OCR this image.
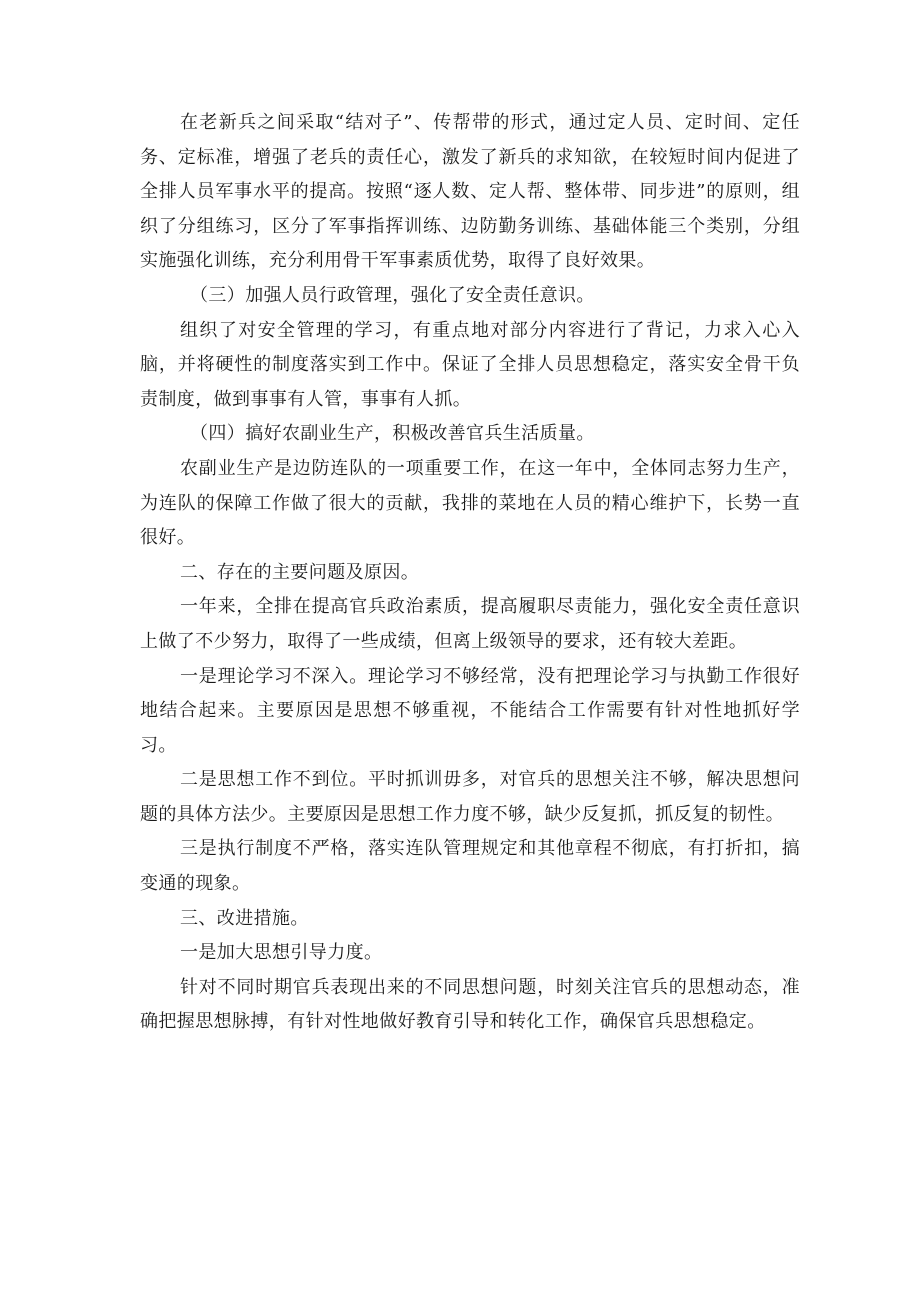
在老新兵之间采取“结对子”、传帮带的形式，通过定人员、定时间、定任务、定标准，增强了老兵的责任心，激发了新兵的求知欲，在较短时间内促进了全排人员军事水平的提高。按照“逐人数、定人帮、整体带、同步进”的原则，组织了分组练习，区分了军事指挥训练、边防勤务训练、基础体能三个类别，分组实施强化训练，充分利用骨干军事素质优势，取得了良好效果。

（三）加强人员行政管理，强化了安全责任意识。

组织了对安全管理的学习，有重点地对部分内容进行了背记，力求入心入脑，并将硬性的制度落实到工作中。保证了全排人员思想稳定，落实安全骨干负责制度，做到事事有人管，事事有人抓。

（四）搞好农副业生产，积极改善官兵生活质量。

农副业生产是边防连队的一项重要工作，在这一年中，全体同志努力生产，为连队的保障工作做了很大的贡献，我排的菜地在人员的精心维护下，长势一直很好。

二、存在的主要问题及原因。

一年来，全排在提高官兵政治素质，提高履职尽责能力，强化安全责任意识上做了不少努力，取得了一些成绩，但离上级领导的要求，还有较大差距。

一是理论学习不深入。理论学习不够经常，没有把理论学习与执勤工作很好地结合起来。主要原因是思想不够重视，不能结合工作需要有针对性地抓好学习。

二是思想工作不到位。平时抓训毋多，对官兵的思想关注不够，解决思想问题的具体方法少。主要原因是思想工作力度不够，缺少反复抓，抓反复的韧性。

三是执行制度不严格，落实连队管理规定和其他章程不彻底，有打折扣，搞变通的现象。

三、改进措施。

一是加大思想引导力度。

针对不同时期官兵表现出来的不同思想问题，时刻关注官兵的思想动态，准确把握思想脉搏，有针对性地做好教育引导和转化工作，确保官兵思想稳定。
